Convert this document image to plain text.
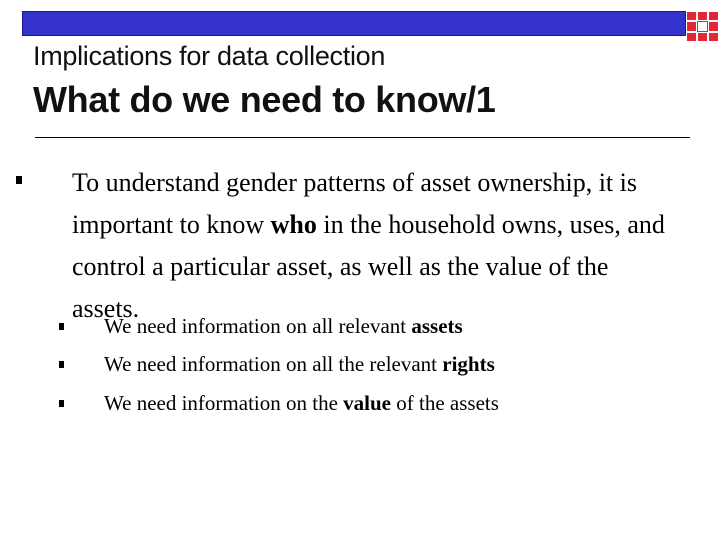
Implications for data collection
What do we need to know/1
To understand gender patterns of asset ownership, it is important to know who in the household owns, uses, and control a particular asset, as well as the value of the assets.
We need information on all relevant assets
We need information on all the relevant rights
We need information on the value of the assets
